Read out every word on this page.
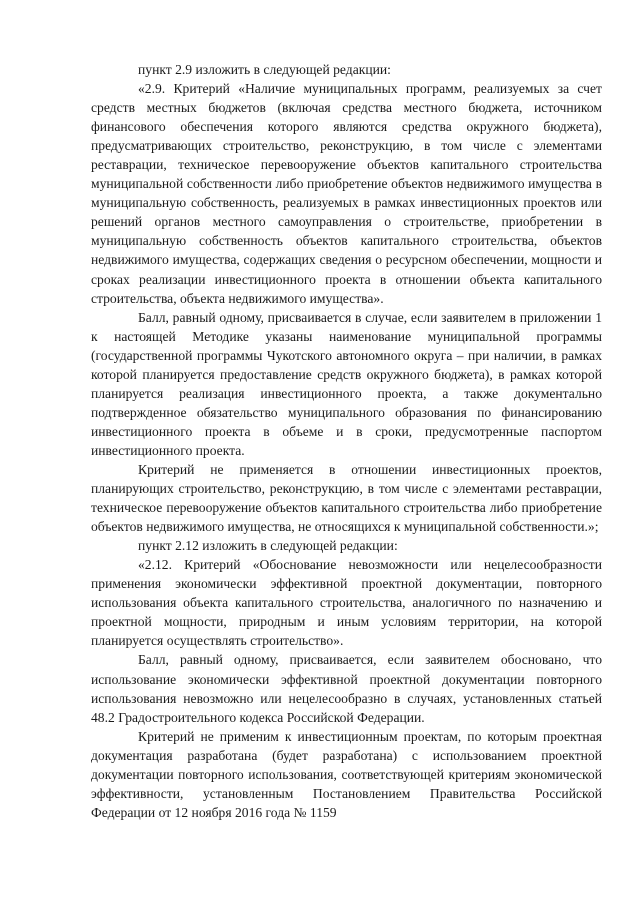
пункт 2.9 изложить в следующей редакции:

«2.9. Критерий «Наличие муниципальных программ, реализуемых за счет средств местных бюджетов (включая средства местного бюджета, источником финансового обеспечения которого являются средства окружного бюджета), предусматривающих строительство, реконструкцию, в том числе с элементами реставрации, техническое перевооружение объектов капитального строительства муниципальной собственности либо приобретение объектов недвижимого имущества в муниципальную собственность, реализуемых в рамках инвестиционных проектов или решений органов местного самоуправления о строительстве, приобретении в муниципальную собственность объектов капитального строительства, объектов недвижимого имущества, содержащих сведения о ресурсном обеспечении, мощности и сроках реализации инвестиционного проекта в отношении объекта капитального строительства, объекта недвижимого имущества».

Балл, равный одному, присваивается в случае, если заявителем в приложении 1 к настоящей Методике указаны наименование муниципальной программы (государственной программы Чукотского автономного округа – при наличии, в рамках которой планируется предоставление средств окружного бюджета), в рамках которой планируется реализация инвестиционного проекта, а также документально подтвержденное обязательство муниципального образования по финансированию инвестиционного проекта в объеме и в сроки, предусмотренные паспортом инвестиционного проекта.

Критерий не применяется в отношении инвестиционных проектов, планирующих строительство, реконструкцию, в том числе с элементами реставрации, техническое перевооружение объектов капитального строительства либо приобретение объектов недвижимого имущества, не относящихся к муниципальной собственности.»;

пункт 2.12 изложить в следующей редакции:

«2.12. Критерий «Обоснование невозможности или нецелесообразности применения экономически эффективной проектной документации, повторного использования объекта капитального строительства, аналогичного по назначению и проектной мощности, природным и иным условиям территории, на которой планируется осуществлять строительство».

Балл, равный одному, присваивается, если заявителем обосновано, что использование экономически эффективной проектной документации повторного использования невозможно или нецелесообразно в случаях, установленных статьей 48.2 Градостроительного кодекса Российской Федерации.

Критерий не применим к инвестиционным проектам, по которым проектная документация разработана (будет разработана) с использованием проектной документации повторного использования, соответствующей критериям экономической эффективности, установленным Постановлением Правительства Российской Федерации от 12 ноября 2016 года № 1159
